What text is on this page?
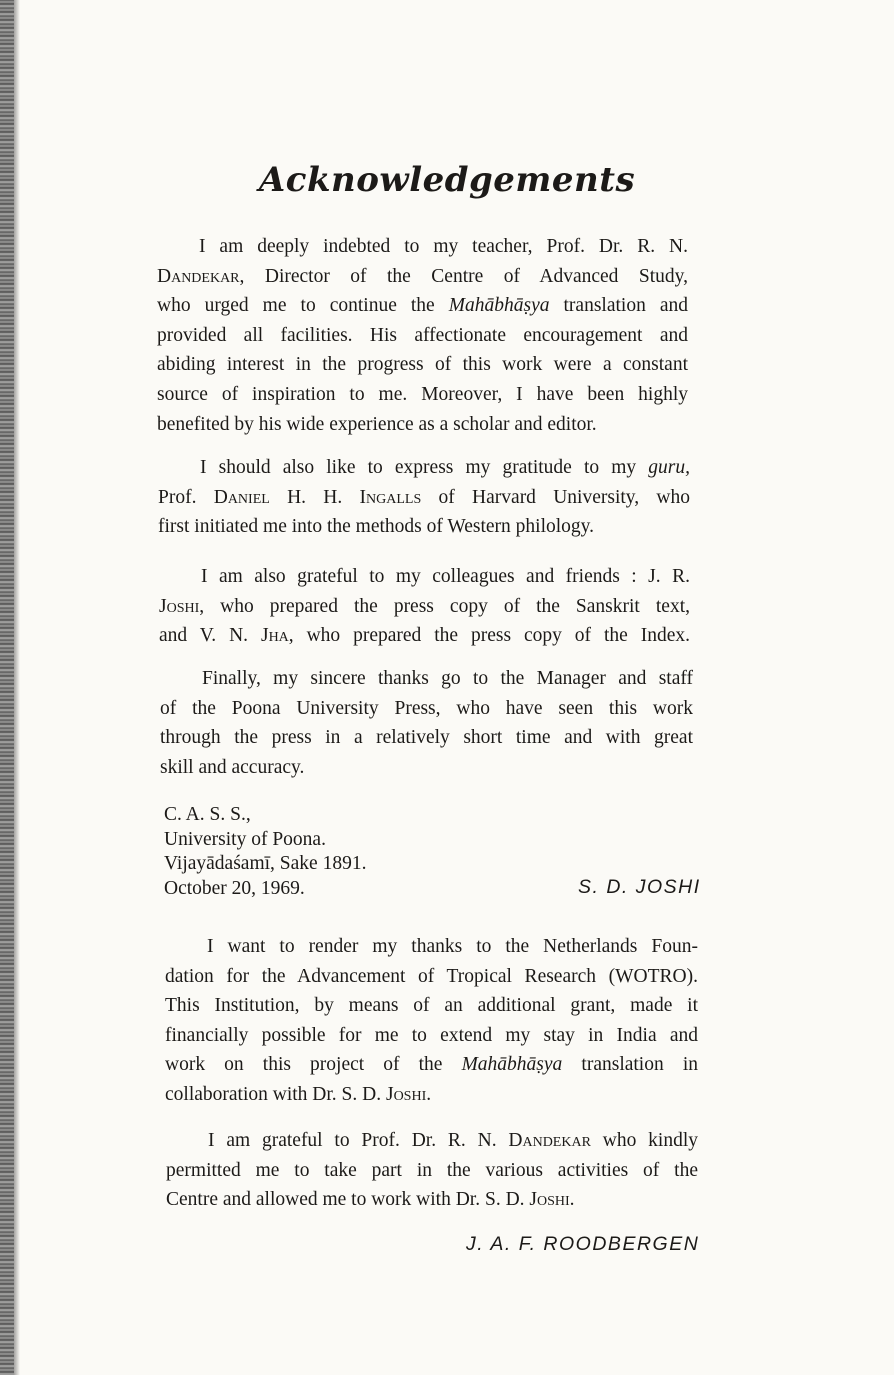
Acknowledgements
I am deeply indebted to my teacher, Prof. Dr. R. N.
Dandekar, Director of the Centre of Advanced Study,
who urged me to continue the Mahābhāṣya translation and
provided all facilities. His affectionate encouragement and
abiding interest in the progress of this work were a constant
source of inspiration to me. Moreover, I have been highly
benefited by his wide experience as a scholar and editor.
I should also like to express my gratitude to my guru,
Prof. Daniel H. H. Ingalls of Harvard University, who
first initiated me into the methods of Western philology.
I am also grateful to my colleagues and friends : J. R.
Joshi, who prepared the press copy of the Sanskrit text,
and V. N. Jha, who prepared the press copy of the Index.
Finally, my sincere thanks go to the Manager and staff
of the Poona University Press, who have seen this work
through the press in a relatively short time and with great
skill and accuracy.
C. A. S. S.,
University of Poona.
Vijayādaśamī, Sake 1891.
October 20, 1969.	S. D. JOSHI
I want to render my thanks to the Netherlands Foun-
dation for the Advancement of Tropical Research (WOTRO).
This Institution, by means of an additional grant, made it
financially possible for me to extend my stay in India and
work on this project of the Mahābhāṣya translation in
collaboration with Dr. S. D. Joshi.
I am grateful to Prof. Dr. R. N. Dandekar who kindly
permitted me to take part in the various activities of the
Centre and allowed me to work with Dr. S. D. Joshi.
J. A. F. ROODBERGEN
